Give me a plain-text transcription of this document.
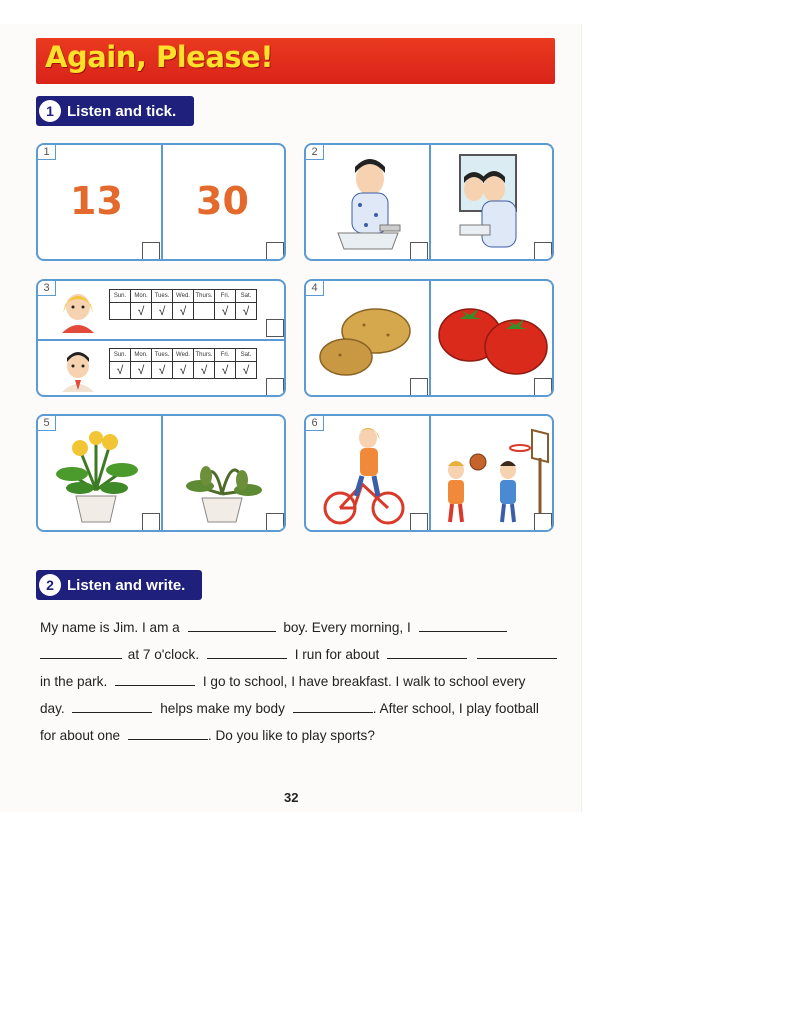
Again, Please!
1 Listen and tick.
1
13 30
2
3
Sun.	Mon.	Tues.	Wed.	Thurs.	Fri.	Sat.
	√	√	√		√	√
Sun.	Mon.	Tues.	Wed.	Thurs.	Fri.	Sat.
√	√	√	√	√	√	√
4
5	6
2 Listen and write.
My name is Jim. I am a	boy. Every morning, I
at 7 o'clock.	I run for about
in the park.	I go to school, I have breakfast. I walk to school every
day.	helps make my body	. After school, I play football
for about one	. Do you like to play sports?
32
